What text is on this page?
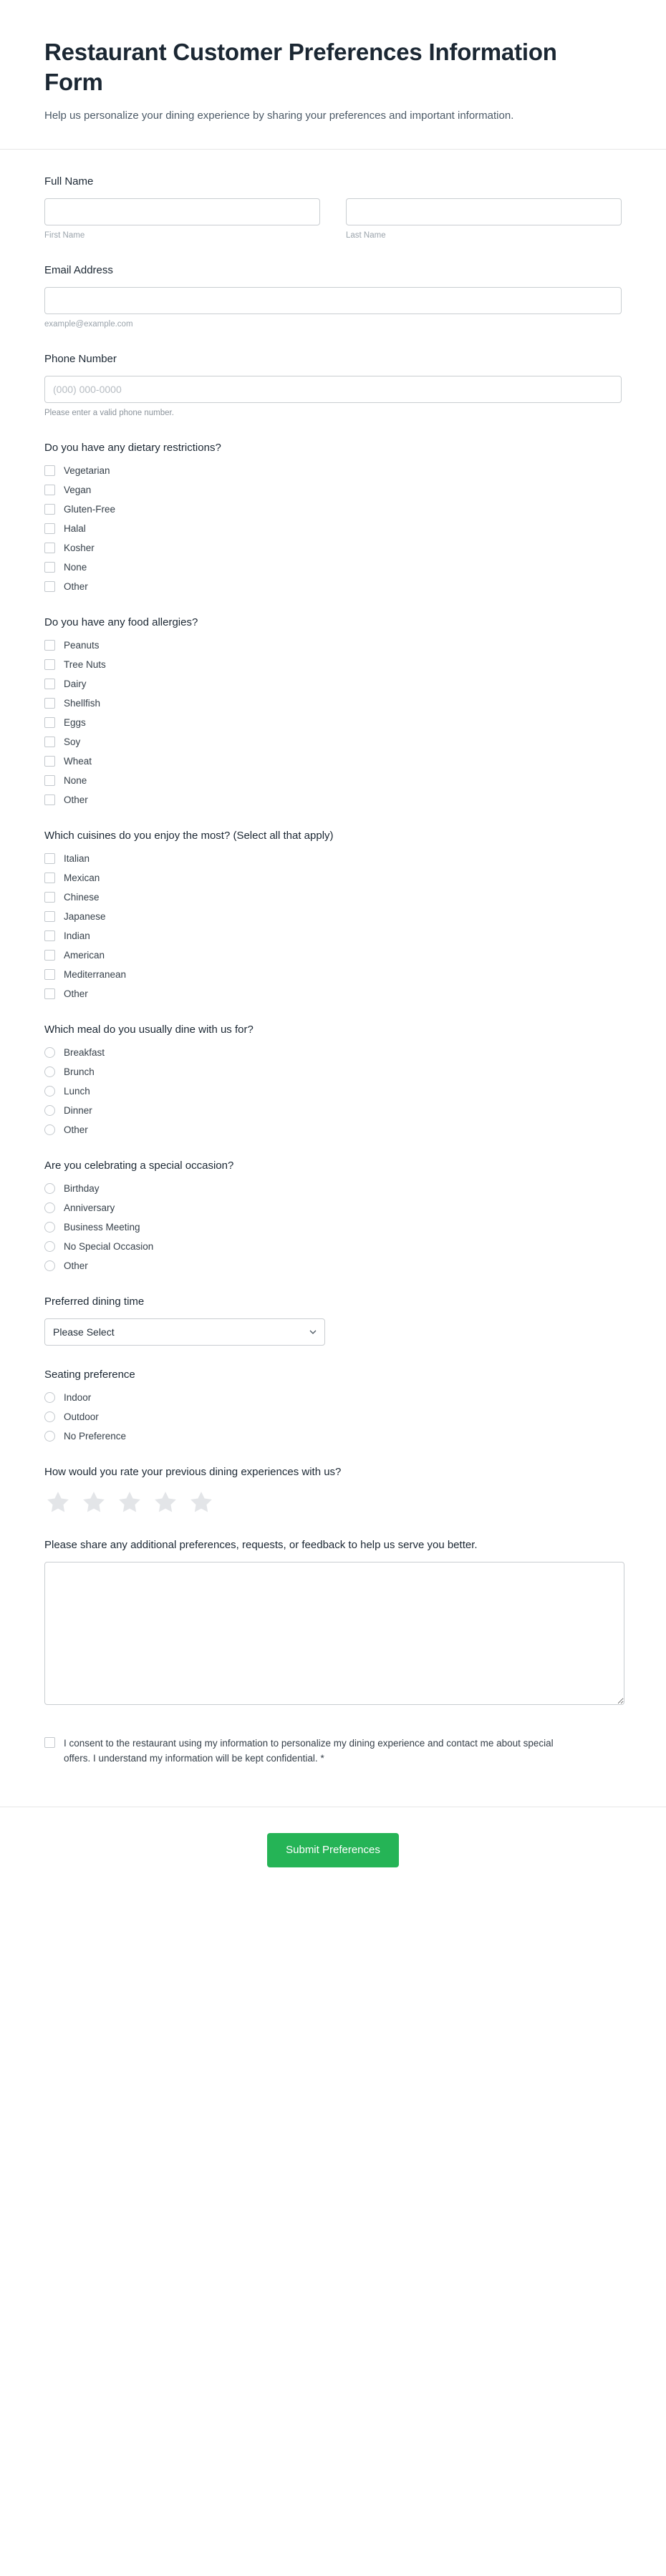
Restaurant Customer Preferences Information Form

Help us personalize your dining experience by sharing your preferences and important information.

Full Name
First Name	Last Name
Email Address
example@example.com
Phone Number
(000) 000-0000
Please enter a valid phone number.
Do you have any dietary restrictions?
Vegetarian
Vegan
Gluten-Free
Halal
Kosher
None
Other
Do you have any food allergies?
Peanuts
Tree Nuts
Dairy
Shellfish
Eggs
Soy
Wheat
None
Other
Which cuisines do you enjoy the most? (Select all that apply)
Italian
Mexican
Chinese
Japanese
Indian
American
Mediterranean
Other
Which meal do you usually dine with us for?
Breakfast
Brunch
Lunch
Dinner
Other
Are you celebrating a special occasion?
Birthday
Anniversary
Business Meeting
No Special Occasion
Other
Preferred dining time
Please Select
Seating preference
Indoor
Outdoor
No Preference
How would you rate your previous dining experiences with us?
Please share any additional preferences, requests, or feedback to help us serve you better.
I consent to the restaurant using my information to personalize my dining experience and contact me about special offers. I understand my information will be kept confidential. *
Submit Preferences
